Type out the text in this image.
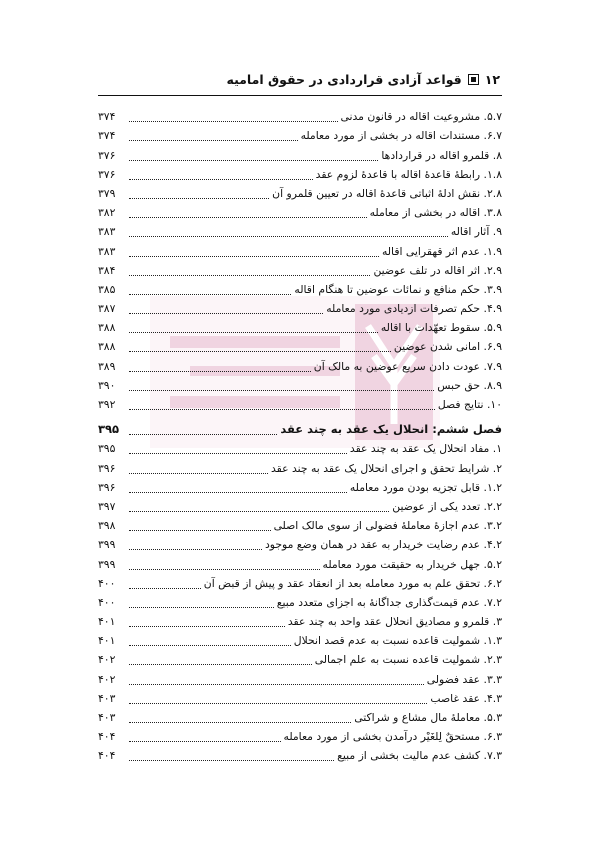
۱۲
قواعد آزادی قراردادی در حقوق امامیه
۵.۷. مشروعیت اقاله در قانون مدنی
۳۷۴
۶.۷. مستندات اقاله در بخشی از مورد معامله
۳۷۴
۸. قلمرو اقاله در قراردادها
۳۷۶
۱.۸. رابطهٔ قاعدهٔ اقاله با قاعدهٔ لزوم عقد
۳۷۶
۲.۸. نقش ادلهٔ اثباتی قاعدهٔ اقاله در تعیین قلمرو آن
۳۷۹
۳.۸. اقاله در بخشی از معامله
۳۸۲
۹. آثار اقاله
۳۸۳
۱.۹. عدم اثر قهقرایی اقاله
۳۸۳
۲.۹. اثر اقاله در تلف عوضین
۳۸۴
۳.۹. حکم منافع و نمائات عوضین تا هنگام اقاله
۳۸۵
۴.۹. حکم تصرفات ازدیادی مورد معامله
۳۸۷
۵.۹. سقوط تعهّدات با اقاله
۳۸۸
۶.۹. امانی شدن عوضین
۳۸۸
۷.۹. عودت دادن سریع عوضین به مالک آن
۳۸۹
۸.۹. حق حبس
۳۹۰
۱۰. نتایج فصل
۳۹۲
فصل ششم: انحلال یک عقد به چند عقد
۳۹۵
۱. مفاد انحلال یک عقد به چند عقد
۳۹۵
۲. شرایط تحقق و اجرای انحلال یک عقد به چند عقد
۳۹۶
۱.۲. قابل تجزیه بودن مورد معامله
۳۹۶
۲.۲. تعدد یکی از عوضین
۳۹۷
۳.۲. عدم اجازهٔ معاملهٔ فضولی از سوی مالک اصلی
۳۹۸
۴.۲. عدم رضایت خریدار به عقد در همان وضع موجود
۳۹۹
۵.۲. جهل خریدار به حقیقت مورد معامله
۳۹۹
۶.۲. تحقق علم به مورد معامله بعد از انعقاد عقد و پیش از قبض آن
۴۰۰
۷.۲. عدم قیمت‌گذاری جداگانهٔ به اجزای متعدد مبیع
۴۰۰
۳. قلمرو و مصادیق انحلال عقد واحد به چند عقد
۴۰۱
۱.۳. شمولیت قاعده نسبت به عدم قصد انحلال
۴۰۱
۲.۳. شمولیت قاعده نسبت به علم اجمالی
۴۰۲
۳.۳. عقد فضولی
۴۰۲
۴.۳. عقد غاصب
۴۰۳
۵.۳. معاملهٔ مال مشاع و شراکتی
۴۰۳
۶.۳. مستحقٌ لِلغَیْر درآمدن بخشی از مورد معامله
۴۰۴
۷.۳. کشف عدم مالیت بخشی از مبیع
۴۰۴
